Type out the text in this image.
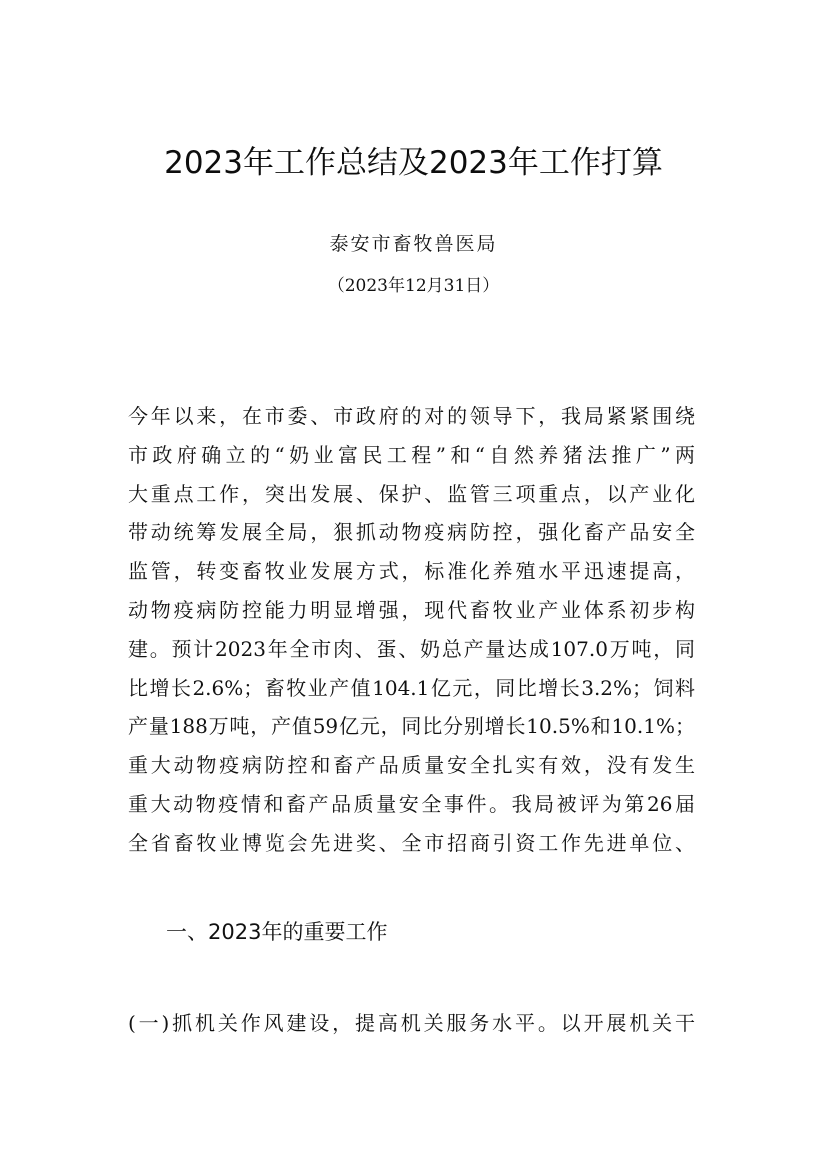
2023年工作总结及2023年工作打算
泰安市畜牧兽医局
（2023年12月31日）
今年以来，在市委、市政府的对的领导下，我局紧紧围绕
市政府确立的“奶业富民工程”和“自然养猪法推广”两
大重点工作，突出发展、保护、监管三项重点，以产业化
带动统筹发展全局，狠抓动物疫病防控，强化畜产品安全
监管，转变畜牧业发展方式，标准化养殖水平迅速提高，
动物疫病防控能力明显增强，现代畜牧业产业体系初步构
建。预计2023年全市肉、蛋、奶总产量达成107.0万吨，同
比增长2.6%；畜牧业产值104.1亿元，同比增长3.2%；饲料
产量188万吨，产值59亿元，同比分别增长10.5%和10.1%；
重大动物疫病防控和畜产品质量安全扎实有效，没有发生
重大动物疫情和畜产品质量安全事件。我局被评为第26届
全省畜牧业博览会先进奖、全市招商引资工作先进单位、
一、2023年的重要工作
(一)抓机关作风建设，提高机关服务水平。以开展机关干
